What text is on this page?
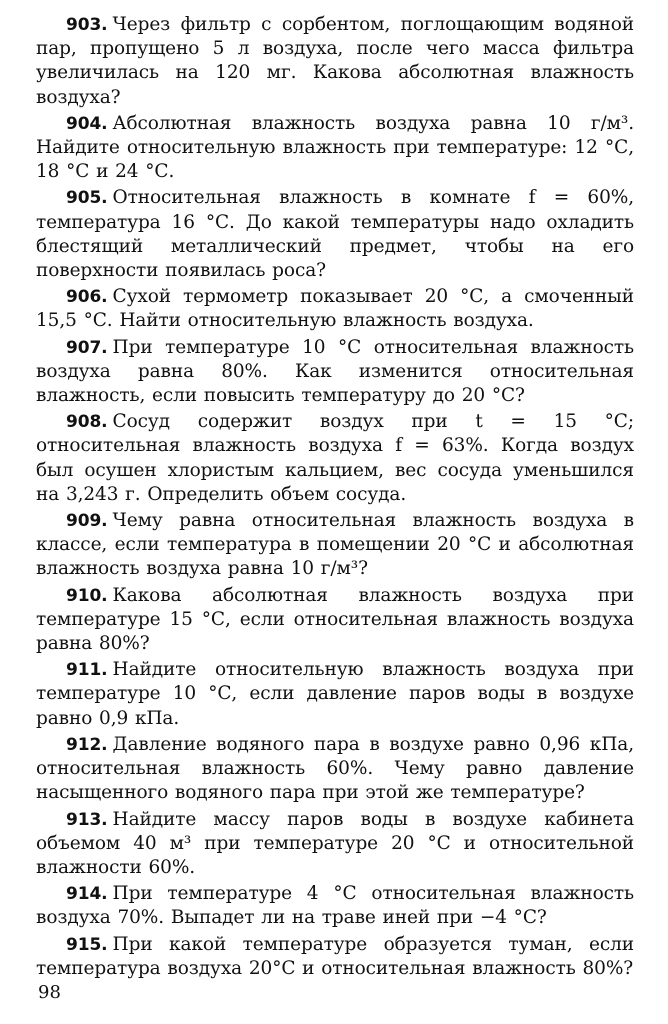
903. Через фильтр с сорбентом, поглощающим водяной пар, пропущено 5 л воздуха, после чего масса фильтра увеличилась на 120 мг. Какова абсолютная влажность воздуха?

904. Абсолютная влажность воздуха равна 10 г/м³. Найдите относительную влажность при температуре: 12 °С, 18 °С и 24 °С.

905. Относительная влажность в комнате f = 60%, температура 16 °С. До какой температуры надо охладить блестящий металлический предмет, чтобы на его поверхности появилась роса?

906. Сухой термометр показывает 20 °С, а смоченный 15,5 °С. Найти относительную влажность воздуха.

907. При температуре 10 °С относительная влажность воздуха равна 80%. Как изменится относительная влажность, если повысить температуру до 20 °С?

908. Сосуд содержит воздух при t = 15 °С; относительная влажность воздуха f = 63%. Когда воздух был осушен хлористым кальцием, вес сосуда уменьшился на 3,243 г. Определить объем сосуда.

909. Чему равна относительная влажность воздуха в классе, если температура в помещении 20 °С и абсолютная влажность воздуха равна 10 г/м³?

910. Какова абсолютная влажность воздуха при температуре 15 °С, если относительная влажность воздуха равна 80%?

911. Найдите относительную влажность воздуха при температуре 10 °С, если давление паров воды в воздухе равно 0,9 кПа.

912. Давление водяного пара в воздухе равно 0,96 кПа, относительная влажность 60%. Чему равно давление насыщенного водяного пара при этой же температуре?

913. Найдите массу паров воды в воздухе кабинета объемом 40 м³ при температуре 20 °С и относительной влажности 60%.

914. При температуре 4 °С относительная влажность воздуха 70%. Выпадет ли на траве иней при −4 °С?

915. При какой температуре образуется туман, если температура воздуха 20°С и относительная влажность 80%?

98
